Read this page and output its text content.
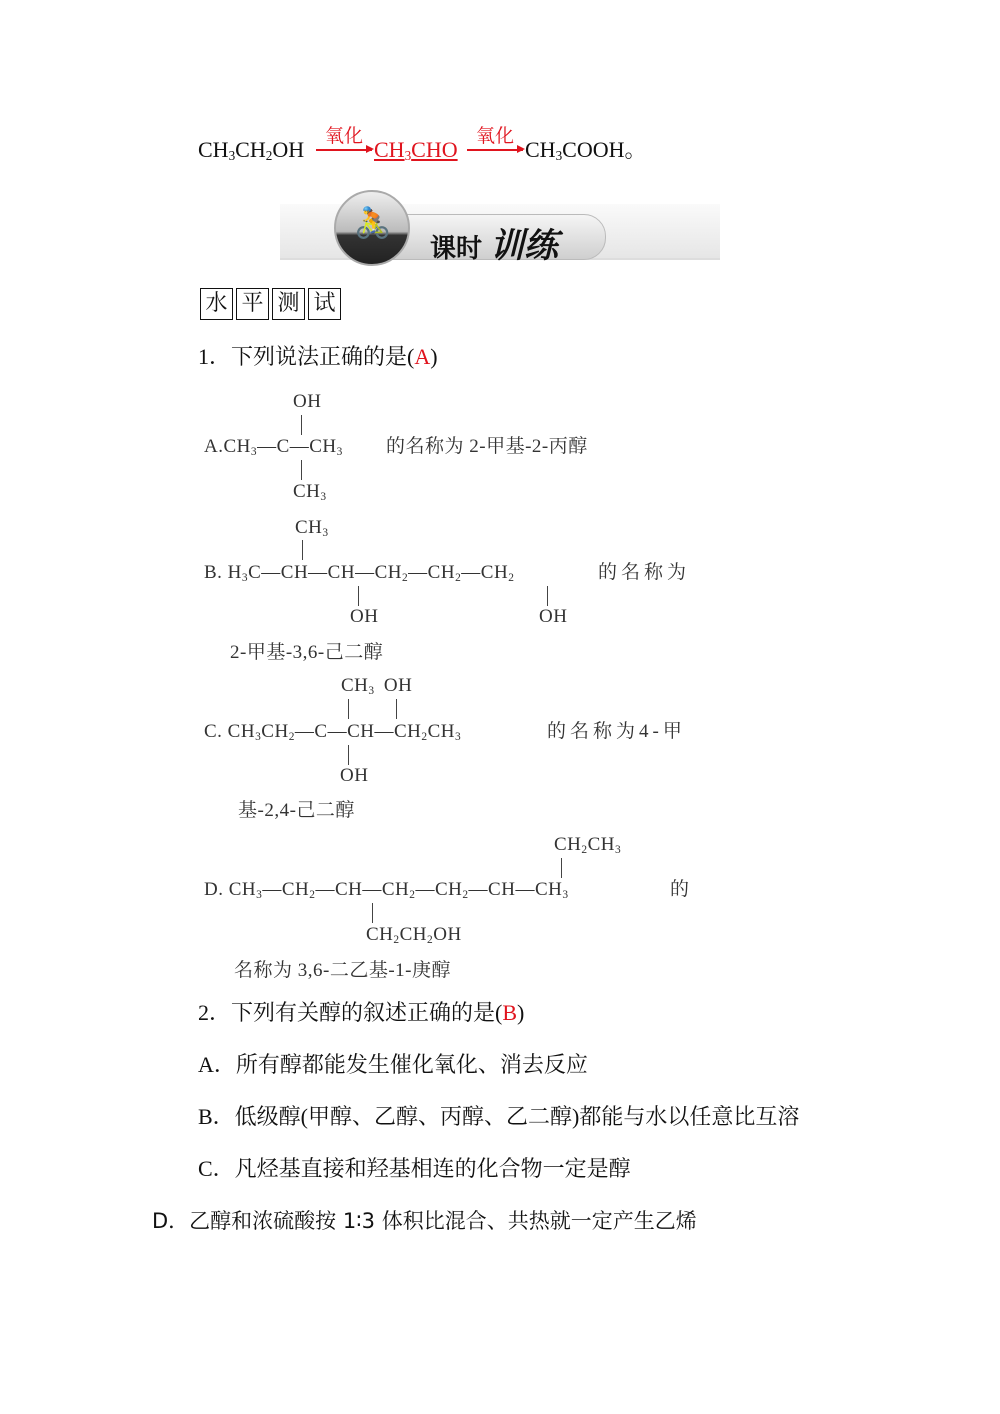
$CH_3CH_2OH$
氧化
$CH_3CHO$
氧化
$CH_3COOH$。
🚴
课时 训练
水 平 测 试
1．下列说法正确的是(A)
OH
$A.CH_3—C—CH_3$ 的名称为 2-甲基-2-丙醇
$CH_3$
$CH_3$
B. $H_3C—CH—CH—CH_2—CH_2—CH_2$	的名称为
OH	OH
2-甲基-3,6-己二醇
$CH_3$ OH
C. $CH_3CH_2—C—CH—CH_2CH_3$	的名称为4-甲
OH
基-2,4-己二醇
$CH_2CH_3$
D. $CH_3—CH_2—CH—CH_2—CH_2—CH—CH_3$	的
$CH_2CH_2OH$
名称为 3,6-二乙基-1-庚醇
2．下列有关醇的叙述正确的是(B)
A．所有醇都能发生催化氧化、消去反应
B．低级醇(甲醇、乙醇、丙醇、乙二醇)都能与水以任意比互溶
C．凡烃基直接和羟基相连的化合物一定是醇
D．乙醇和浓硫酸按 1∶3 体积比混合、共热就一定产生乙烯
